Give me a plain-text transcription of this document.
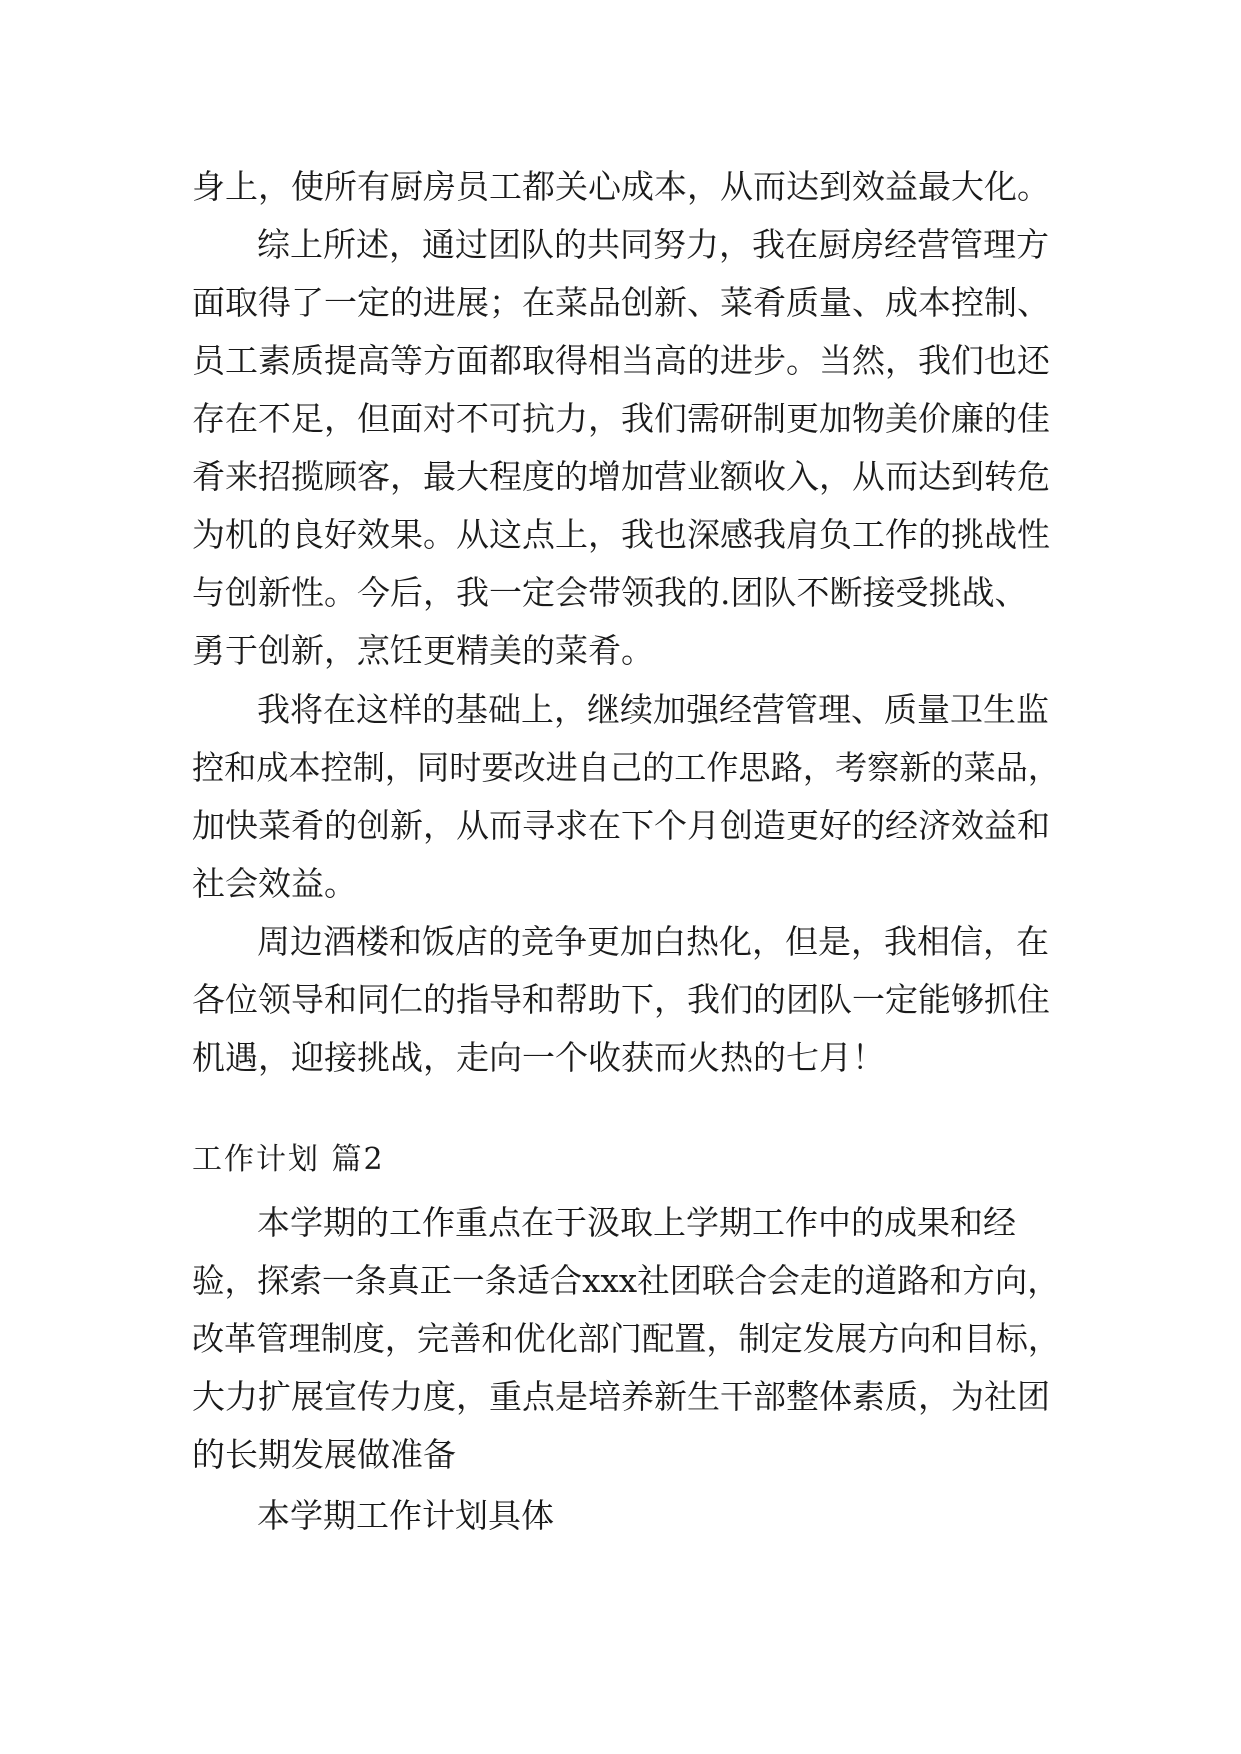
身上，使所有厨房员工都关心成本，从而达到效益最大化。
综上所述，通过团队的共同努力，我在厨房经营管理方
面取得了一定的进展；在菜品创新、菜肴质量、成本控制、
员工素质提高等方面都取得相当高的进步。当然，我们也还
存在不足，但面对不可抗力，我们需研制更加物美价廉的佳
肴来招揽顾客，最大程度的增加营业额收入，从而达到转危
为机的良好效果。从这点上，我也深感我肩负工作的挑战性
与创新性。今后，我一定会带领我的.团队不断接受挑战、
勇于创新，烹饪更精美的菜肴。
我将在这样的基础上，继续加强经营管理、质量卫生监
控和成本控制，同时要改进自己的工作思路，考察新的菜品，
加快菜肴的创新，从而寻求在下个月创造更好的经济效益和
社会效益。
周边酒楼和饭店的竞争更加白热化，但是，我相信，在
各位领导和同仁的指导和帮助下，我们的团队一定能够抓住
机遇，迎接挑战，走向一个收获而火热的七月！
工作计划 篇2
本学期的工作重点在于汲取上学期工作中的成果和经
验，探索一条真正一条适合xxx社团联合会走的道路和方向，
改革管理制度，完善和优化部门配置，制定发展方向和目标，
大力扩展宣传力度，重点是培养新生干部整体素质，为社团
的长期发展做准备
本学期工作计划具体
